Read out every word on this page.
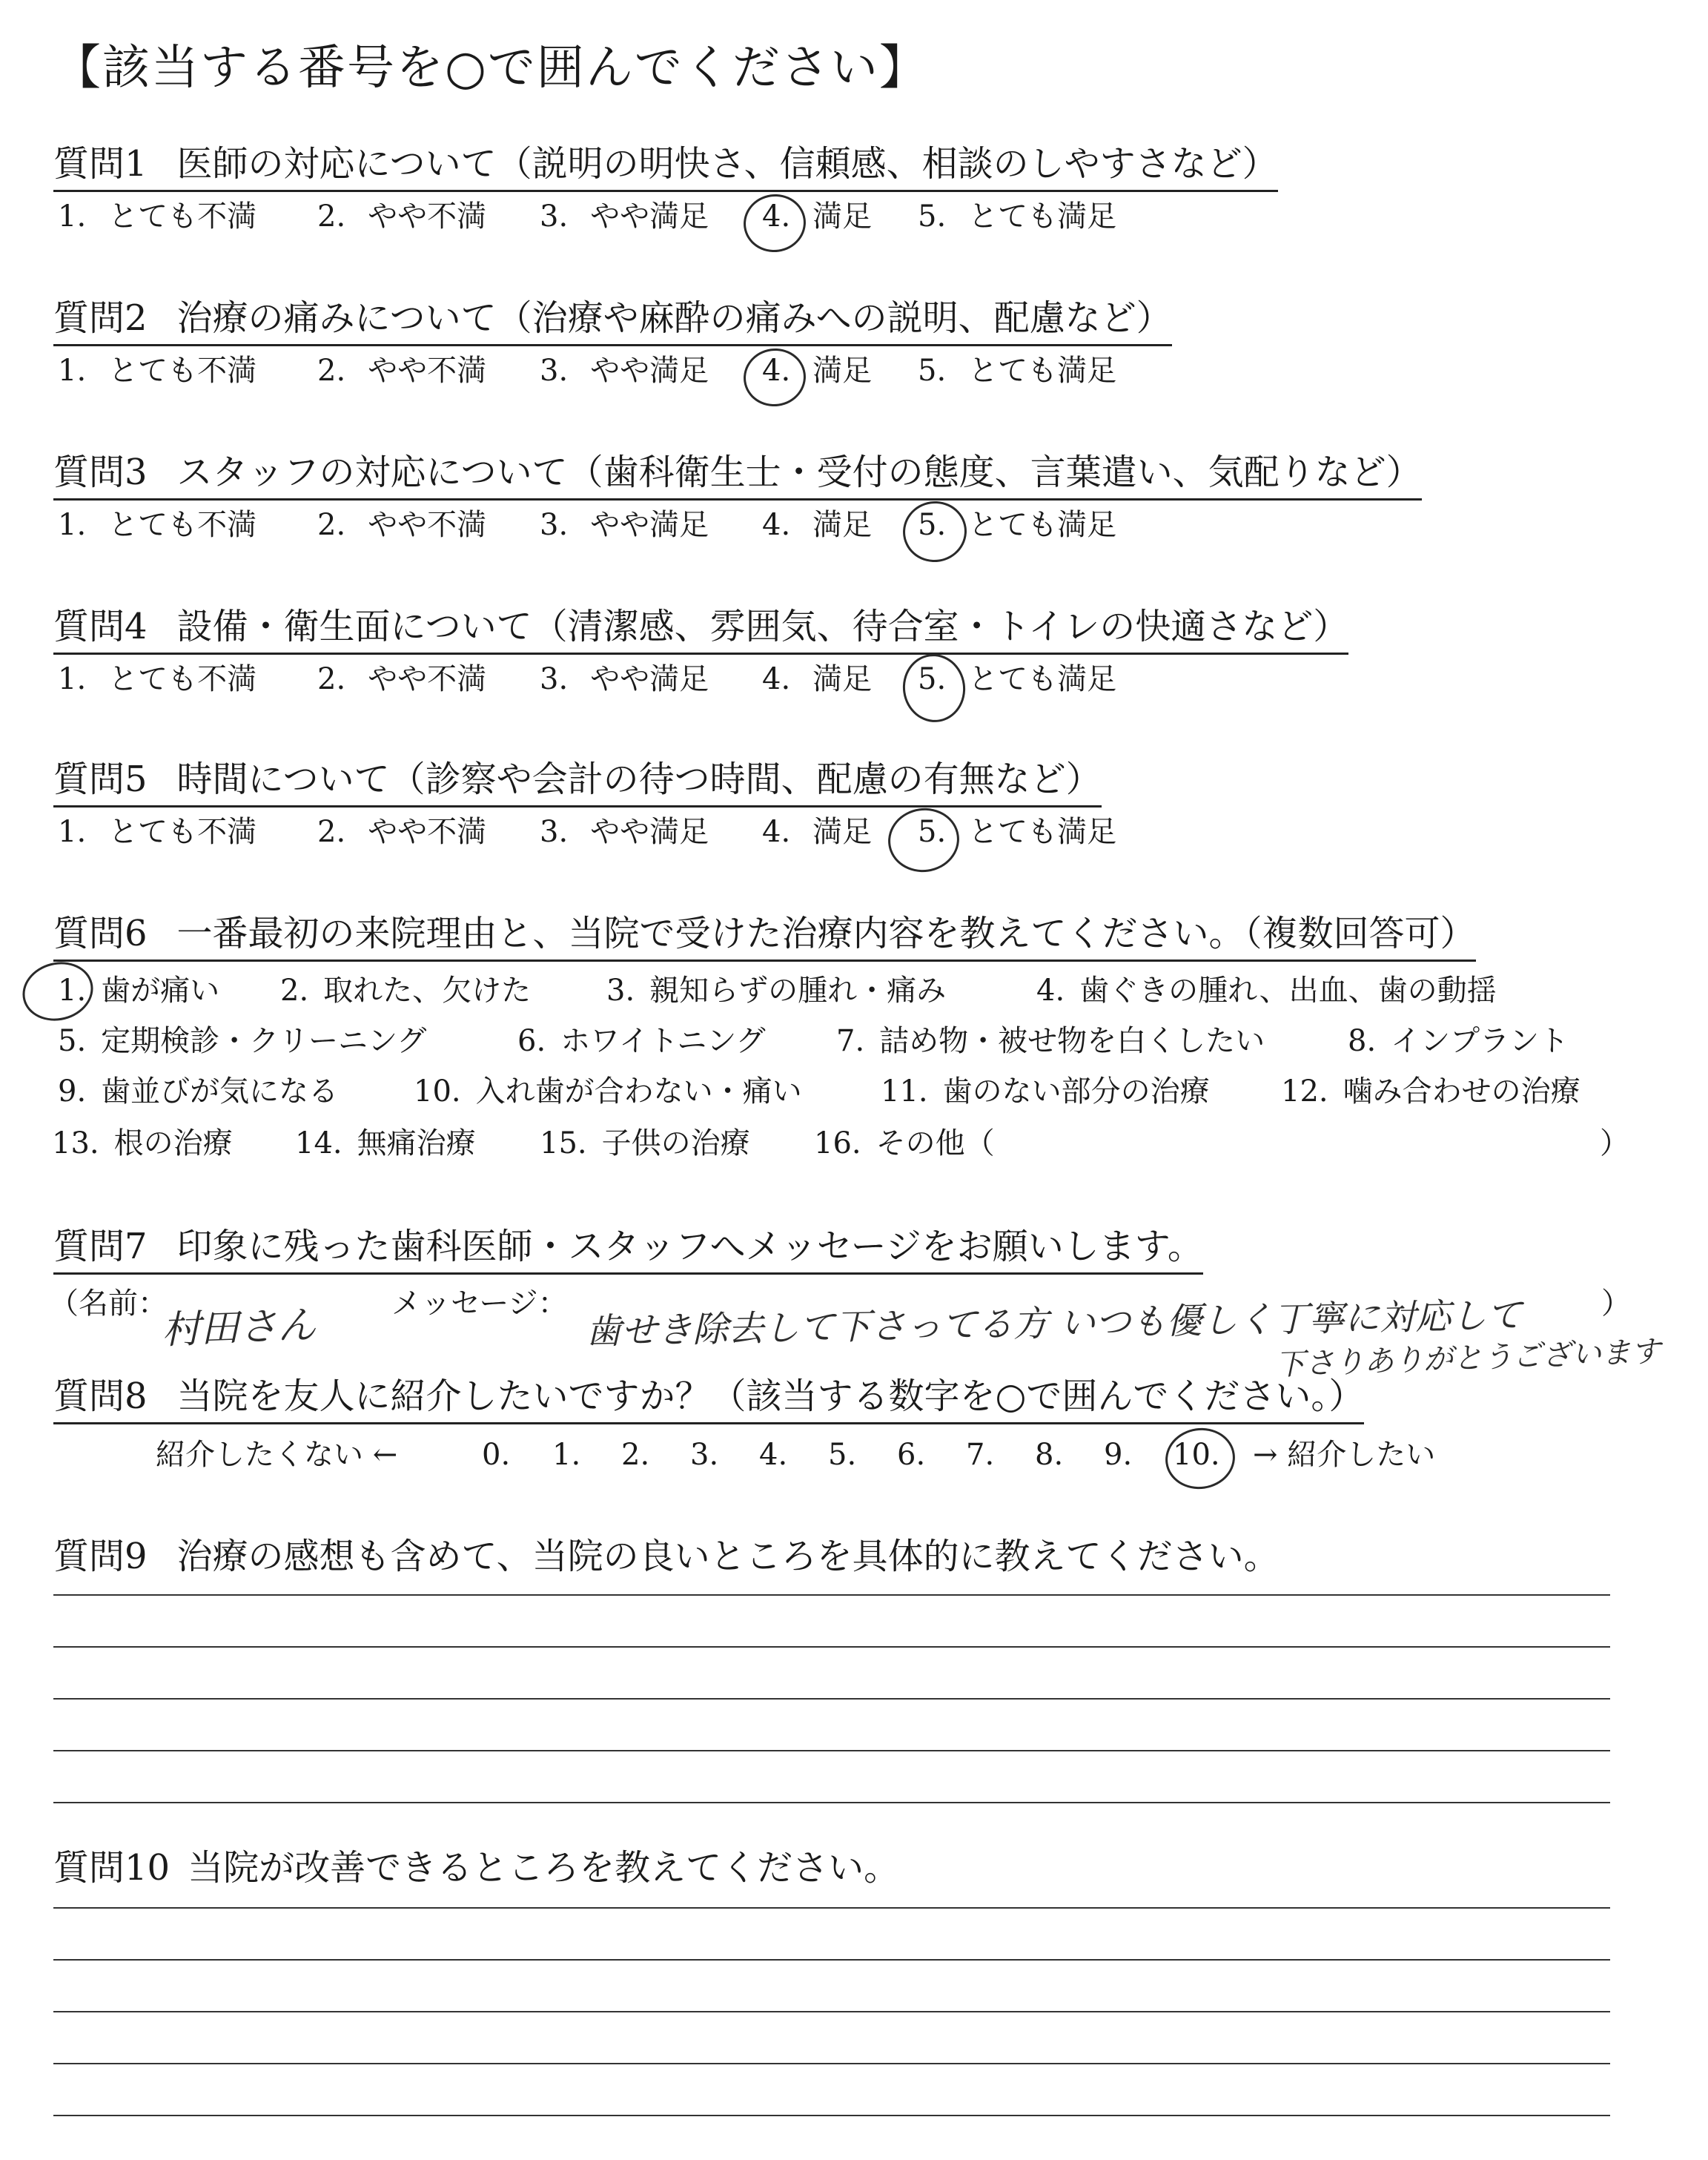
【該当する番号を○で囲んでください】
質問1 医師の対応について（説明の明快さ、信頼感、相談のしやすさなど）
1. とても不満 2. やや不満 3. やや満足 4. 満足 5. とても満足
質問2 治療の痛みについて（治療や麻酔の痛みへの説明、配慮など）
1. とても不満 2. やや不満 3. やや満足 4. 満足 5. とても満足
質問3 スタッフの対応について（歯科衛生士・受付の態度、言葉遣い、気配りなど）
1. とても不満 2. やや不満 3. やや満足 4. 満足 5. とても満足
質問4 設備・衛生面について（清潔感、雰囲気、待合室・トイレの快適さなど）
1. とても不満 2. やや不満 3. やや満足 4. 満足 5. とても満足
質問5 時間について（診察や会計の待つ時間、配慮の有無など）
1. とても不満 2. やや不満 3. やや満足 4. 満足 5. とても満足
質問6 一番最初の来院理由と、当院で受けた治療内容を教えてください。（複数回答可）
1. 歯が痛い 2. 取れた、欠けた	3. 親知らずの腫れ・痛み	4. 歯ぐきの腫れ、出血、歯の動揺
5. 定期検診・クリーニング	6. ホワイトニング 7. 詰め物・被せ物を白くしたい	8. インプラント
9. 歯並びが気になる	10. 入れ歯が合わない・痛い	11. 歯のない部分の治療 12. 噛み合わせの治療
13. 根の治療 14. 無痛治療 15. 子供の治療 16. その他（	）
質問7 印象に残った歯科医師・スタッフへメッセージをお願いします。
（名前：
村田さん	メッセージ： 歯せき除去して下さってる方 いつも優しく丁寧に対応して
下さりありがとうございます
）
質問8 当院を友人に紹介したいですか？（該当する数字を○で囲んでください。）
紹介したくない ←	0. 1. 2. 3. 4. 5. 6. 7. 8. 9. 10. → 紹介したい
質問9 治療の感想も含めて、当院の良いところを具体的に教えてください。
質問10 当院が改善できるところを教えてください。
